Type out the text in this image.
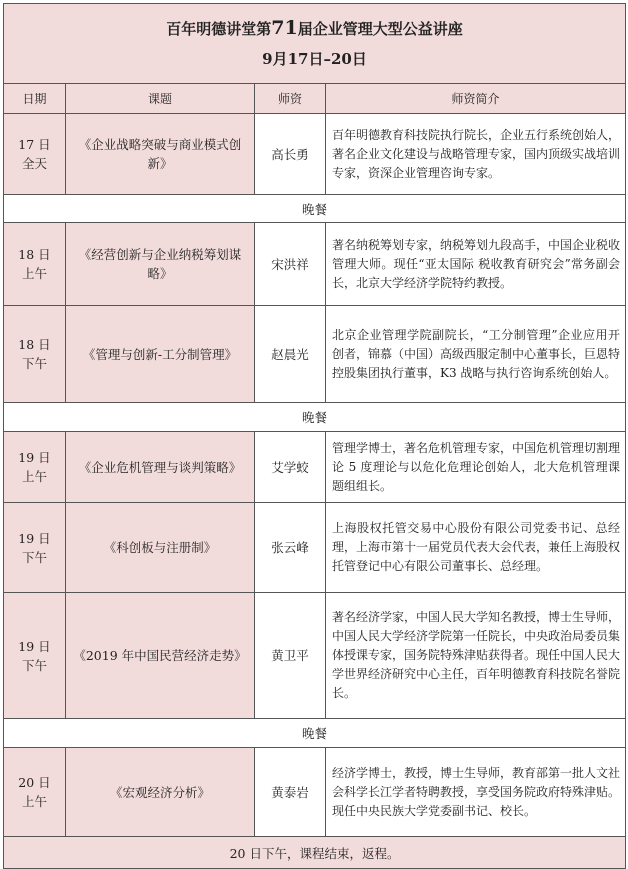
百年明德讲堂第71届企业管理大型公益讲座
9月17日–20日			

日期	课题	师资	师资简介

17 日
全天	《企业战略突破与商业模式创新》	高长勇	百年明德教育科技院执行院长，企业五行系统创始人，著名企业文化建设与战略管理专家，国内顶级实战培训专家，资深企业管理咨询专家。
晚餐			

18 日
上午	《经营创新与企业纳税筹划谋略》	宋洪祥	著名纳税筹划专家，纳税筹划九段高手，中国企业税收管理大师。现任“亚太国际 税收教育研究会”常务副会长，北京大学经济学院特约教授。

18 日
下午	《管理与创新-工分制管理》	赵晨光	北京企业管理学院副院长，“工分制管理”企业应用开创者，锦慕（中国）高级西服定制中心董事长，巨恩特控股集团执行董事，K3 战略与执行咨询系统创始人。
晚餐			

19 日
上午	《企业危机管理与谈判策略》	艾学蛟	管理学博士，著名危机管理专家，中国危机管理切割理论 5 度理论与以危化危理论创始人，北大危机管理课题组组长。

19 日
下午	《科创板与注册制》	张云峰	上海股权托管交易中心股份有限公司党委书记、总经理，上海市第十一届党员代表大会代表，兼任上海股权托管登记中心有限公司董事长、总经理。

19 日
下午	《2019 年中国民营经济走势》	黄卫平	著名经济学家，中国人民大学知名教授，博士生导师，中国人民大学经济学院第一任院长，中央政治局委员集体授课专家，国务院特殊津贴获得者。现任中国人民大学世界经济研究中心主任，百年明德教育科技院名誉院长。
晚餐			

20 日
上午	《宏观经济分析》	黄泰岩	经济学博士，教授，博士生导师，教育部第一批人文社会科学长江学者特聘教授，享受国务院政府特殊津贴。现任中央民族大学党委副书记、校长。
20 日下午，课程结束，返程。			
